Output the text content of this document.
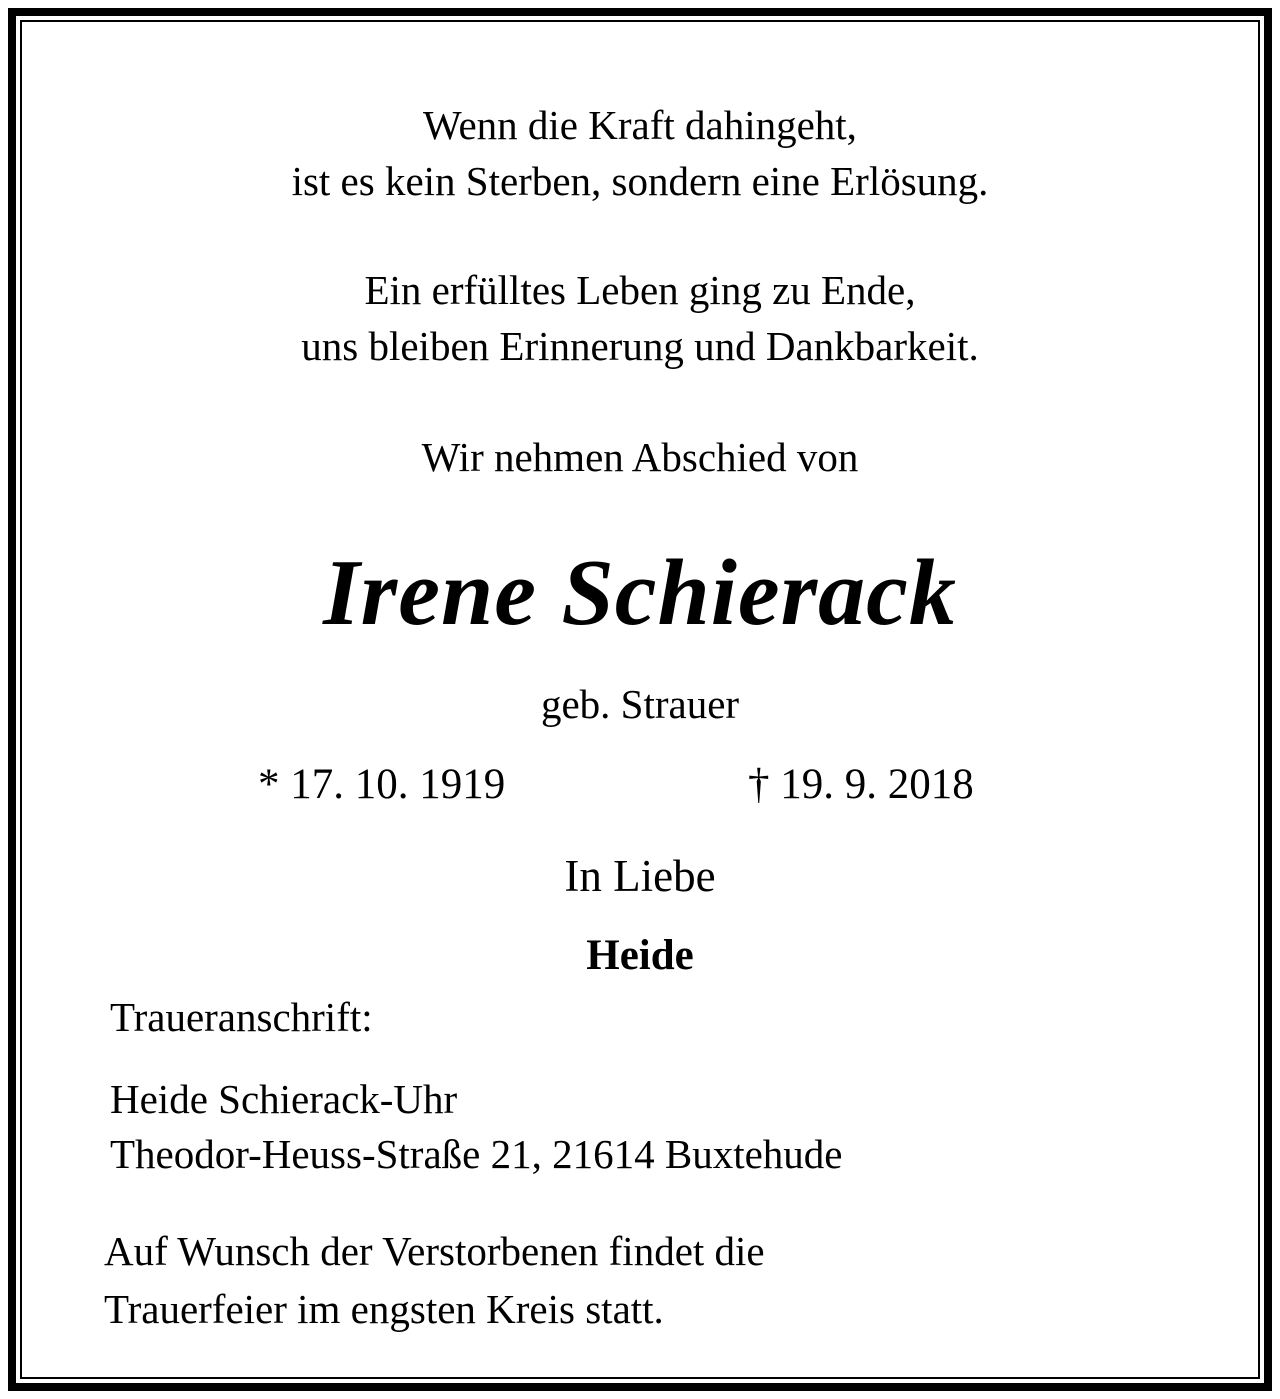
Wenn die Kraft dahingeht,
ist es kein Sterben, sondern eine Erlösung.
Ein erfülltes Leben ging zu Ende,
uns bleiben Erinnerung und Dankbarkeit.
Wir nehmen Abschied von
Irene Schierack
geb. Strauer
* 17. 10. 1919	† 19. 9. 2018
In Liebe
Heide
Traueranschrift:
Heide Schierack-Uhr
Theodor-Heuss-Straße 21, 21614 Buxtehude
Auf Wunsch der Verstorbenen findet die
Trauerfeier im engsten Kreis statt.
